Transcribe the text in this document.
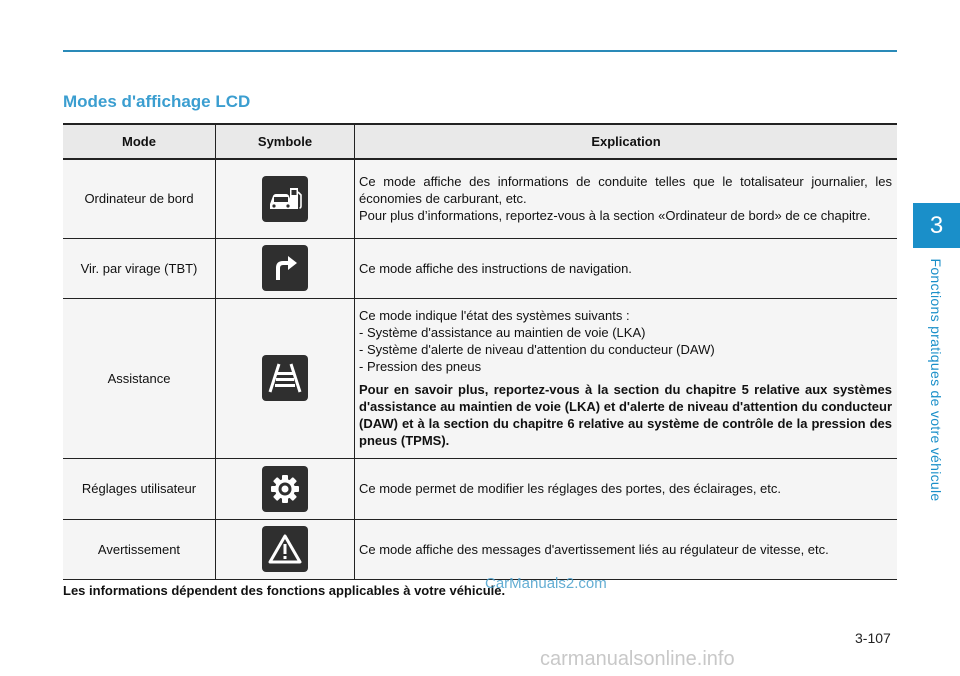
Modes d'affichage LCD
3
Fonctions pratiques de votre véhicule
Mode	Symbole	Explication
Ordinateur de bord		Ce mode affiche des informations de conduite telles que le totalisateur journalier, les économies de carburant, etc.
Pour plus d’informations, reportez-vous à la section «Ordinateur de bord» de ce chapitre.

Vir. par virage (TBT)		Ce mode affiche des instructions de navigation.

Assistance		Ce mode indique l'état des systèmes suivants :
- Système d'assistance au maintien de voie (LKA)
- Système d'alerte de niveau d'attention du conducteur (DAW)
- Pression des pneus
Pour en savoir plus, reportez-vous à la section du chapitre 5 relative aux systèmes d'assistance au maintien de voie (LKA) et d'alerte de niveau d'attention du conducteur (DAW) et à la section du chapitre 6 relative au système de contrôle de la pression des pneus (TPMS).

Réglages utilisateur		Ce mode permet de modifier les réglages des portes, des éclairages, etc.

Avertissement		Ce mode affiche des messages d'avertissement liés au régulateur de vitesse, etc.
Les informations dépendent des fonctions applicables à votre véhicule.
CarManuals2.com
3-107
carmanualsonline.info
